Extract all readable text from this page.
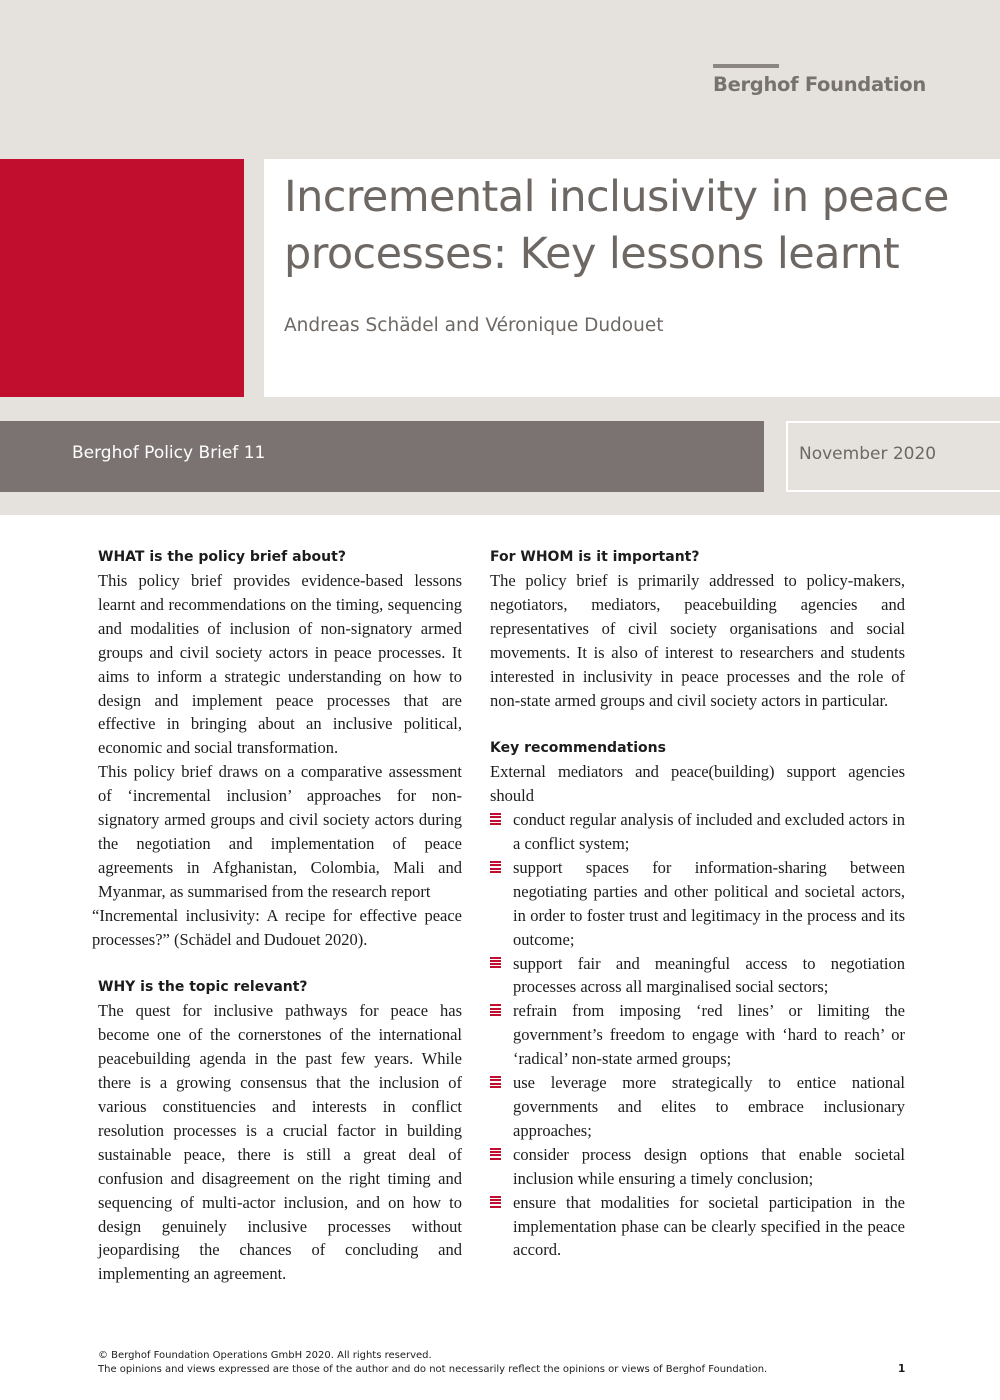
Berghof Foundation
Incremental inclusivity in peace processes: Key lessons learnt
Andreas Schädel and Véronique Dudouet
Berghof Policy Brief 11	November 2020
WHAT is the policy brief about?

This policy brief provides evidence-based lessons learnt and recommendations on the timing, sequencing and modalities of inclusion of non-signatory armed groups and civil society actors in peace processes. It aims to inform a strategic understanding on how to design and implement peace processes that are effective in bringing about an inclusive political, economic and social transformation.

This policy brief draws on a comparative assessment of ‘incremental inclusion’ approaches for non-signatory armed groups and civil society actors during the negotiation and implementation of peace agreements in Afghanistan, Colombia, Mali and Myanmar, as summarised from the research report

“Incremental inclusivity: A recipe for effective peace processes?” (Schädel and Dudouet 2020).

WHY is the topic relevant?

The quest for inclusive pathways for peace has become one of the cornerstones of the international peacebuilding agenda in the past few years. While there is a growing consensus that the inclusion of various constituencies and interests in conflict resolution processes is a crucial factor in building sustainable peace, there is still a great deal of confusion and disagreement on the right timing and sequencing of multi-actor inclusion, and on how to design genuinely inclusive processes without jeopardising the chances of concluding and implementing an agreement.

For WHOM is it important?

The policy brief is primarily addressed to policy-makers, negotiators, mediators, peacebuilding agencies and representatives of civil society organisations and social movements. It is also of interest to researchers and students interested in inclusivity in peace processes and the role of non-state armed groups and civil society actors in particular.

Key recommendations

External mediators and peace(building) support agencies should

conduct regular analysis of included and excluded actors in a conflict system;
support spaces for information-sharing between negotiating parties and other political and societal actors, in order to foster trust and legitimacy in the process and its outcome;
support fair and meaningful access to negotiation processes across all marginalised social sectors;
refrain from imposing ‘red lines’ or limiting the government’s freedom to engage with ‘hard to reach’ or ‘radical’ non-state armed groups;
use leverage more strategically to entice national governments and elites to embrace inclusionary approaches;
consider process design options that enable societal inclusion while ensuring a timely conclusion;
ensure that modalities for societal participation in the implementation phase can be clearly specified in the peace accord.
© Berghof Foundation Operations GmbH 2020. All rights reserved.
The opinions and views expressed are those of the author and do not necessarily reflect the opinions or views of Berghof Foundation.	1
